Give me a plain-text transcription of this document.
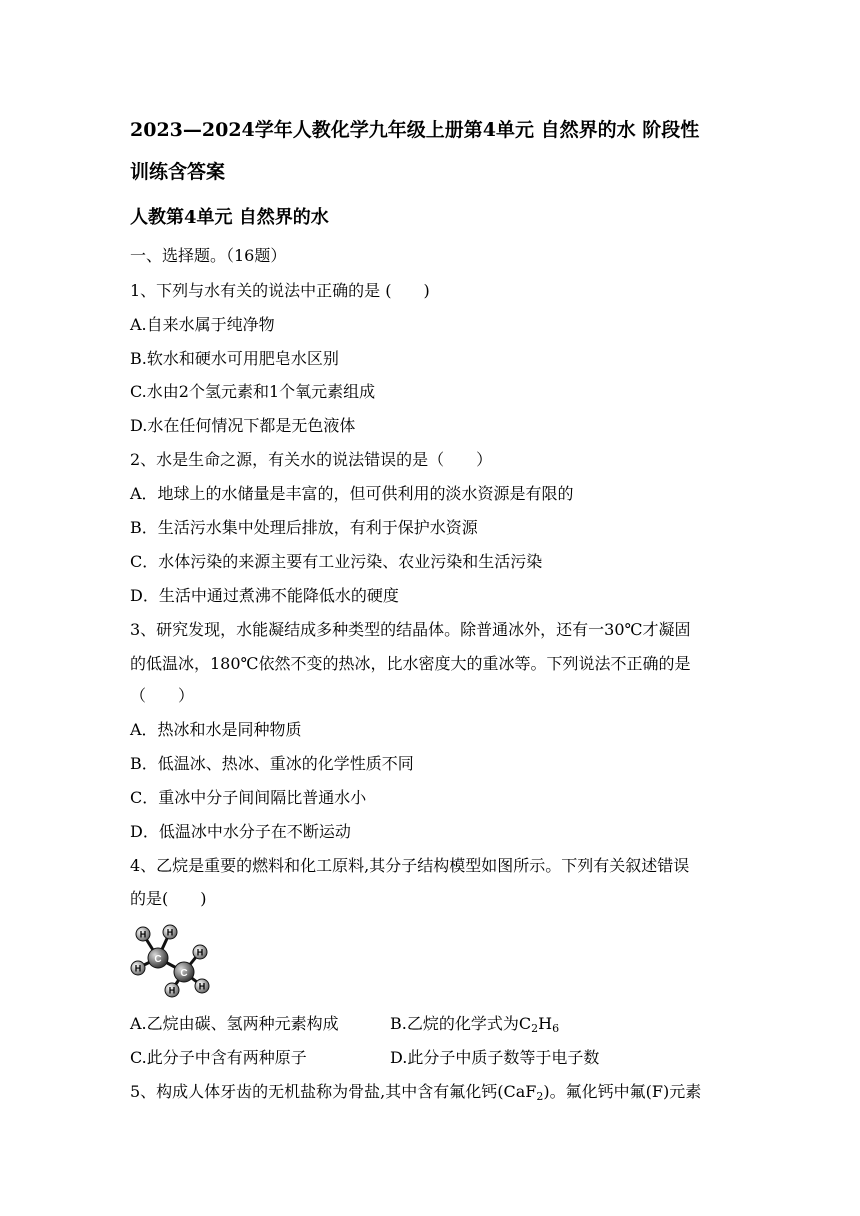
2023—2024学年人教化学九年级上册第4单元 自然界的水 阶段性
训练含答案
人教第4单元 自然界的水
一、选择题。（16题）
1、下列与水有关的说法中正确的是 (　　)
A.自来水属于纯净物
B.软水和硬水可用肥皂水区别
C.水由2个氢元素和1个氧元素组成
D.水在任何情况下都是无色液体
2、水是生命之源，有关水的说法错误的是（　　）
A．地球上的水储量是丰富的，但可供利用的淡水资源是有限的
B．生活污水集中处理后排放，有利于保护水资源
C．水体污染的来源主要有工业污染、农业污染和生活污染
D．生活中通过煮沸不能降低水的硬度
3、研究发现，水能凝结成多种类型的结晶体。除普通冰外，还有一30℃才凝固
的低温冰，180℃依然不变的热冰，比水密度大的重冰等。下列说法不正确的是
（　　）
A．热冰和水是同种物质
B．低温冰、热冰、重冰的化学性质不同
C．重冰中分子间间隔比普通水小
D．低温冰中水分子在不断运动
4、乙烷是重要的燃料和化工原料,其分子结构模型如图所示。下列有关叙述错误
的是(　　)
H H
H
C
H
C
H
H
A.乙烷由碳、氢两种元素构成	B.乙烷的化学式为$C_2H_6$
C.此分子中含有两种原子	D.此分子中质子数等于电子数
5、构成人体牙齿的无机盐称为骨盐,其中含有氟化钙(CaF$_2$)。氟化钙中氟(F)元素
